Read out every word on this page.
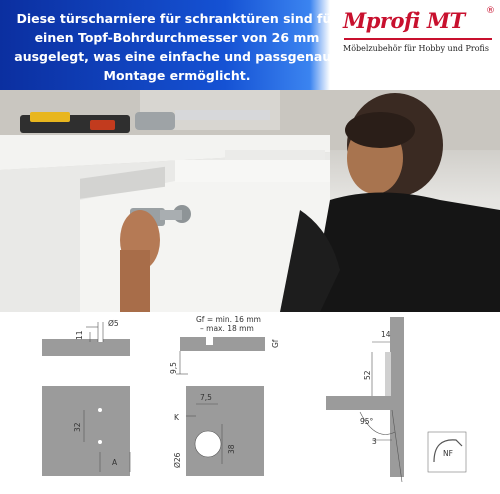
Diese türscharniere für schranktüren sind für einen Topf-Bohrdurchmesser von 26 mm ausgelegt, was eine einfache und passgenaue Montage ermöglicht.
Mprofi MT ®
Möbelzubehör für Hobby und Profis
11
Ø5	Gf = min. 16 mm
– max. 18 mm
Gf
9,5
14
52
95°
3
NF
32
A
K
7,5
38
Ø26
